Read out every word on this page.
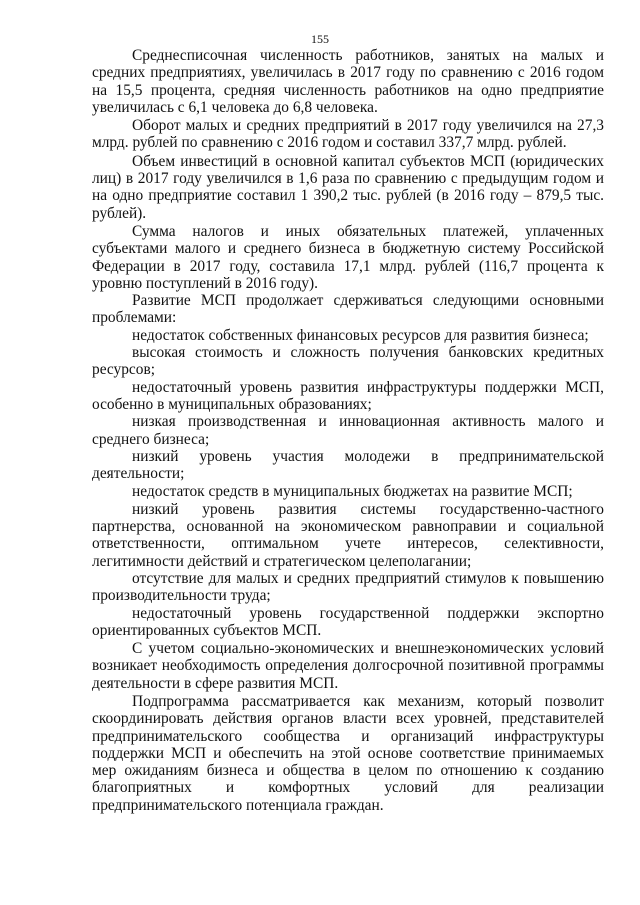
155

Среднесписочная численность работников, занятых на малых и средних предприятиях, увеличилась в 2017 году по сравнению с 2016 годом на 15,5 процента, средняя численность работников на одно предприятие увеличилась с 6,1 человека до 6,8 человека.

Оборот малых и средних предприятий в 2017 году увеличился на 27,3 млрд. рублей по сравнению с 2016 годом и составил 337,7 млрд. рублей.

Объем инвестиций в основной капитал субъектов МСП (юридических лиц) в 2017 году увеличился в 1,6 раза по сравнению с предыдущим годом и на одно предприятие составил 1 390,2 тыс. рублей (в 2016 году – 879,5 тыс. рублей).

Сумма налогов и иных обязательных платежей, уплаченных субъектами малого и среднего бизнеса в бюджетную систему Российской Федерации в 2017 году, составила 17,1 млрд. рублей (116,7 процента к уровню поступлений в 2016 году).

Развитие МСП продолжает сдерживаться следующими основными проблемами:

недостаток собственных финансовых ресурсов для развития бизнеса;

высокая стоимость и сложность получения банковских кредитных ресурсов;

недостаточный уровень развития инфраструктуры поддержки МСП, особенно в муниципальных образованиях;

низкая производственная и инновационная активность малого и среднего бизнеса;

низкий уровень участия молодежи в предпринимательской деятельности;

недостаток средств в муниципальных бюджетах на развитие МСП;

низкий уровень развития системы государственно-частного партнерства, основанной на экономическом равноправии и социальной ответственности, оптимальном учете интересов, селективности, легитимности действий и стратегическом целеполагании;

отсутствие для малых и средних предприятий стимулов к повышению производительности труда;

недостаточный уровень государственной поддержки экспортно ориентированных субъектов МСП.

С учетом социально-экономических и внешнеэкономических условий возникает необходимость определения долгосрочной позитивной программы деятельности в сфере развития МСП.

Подпрограмма рассматривается как механизм, который позволит скоординировать действия органов власти всех уровней, представителей предпринимательского сообщества и организаций инфраструктуры поддержки МСП и обеспечить на этой основе соответствие принимаемых мер ожиданиям бизнеса и общества в целом по отношению к созданию благоприятных и комфортных условий для реализации предпринимательского потенциала граждан.
